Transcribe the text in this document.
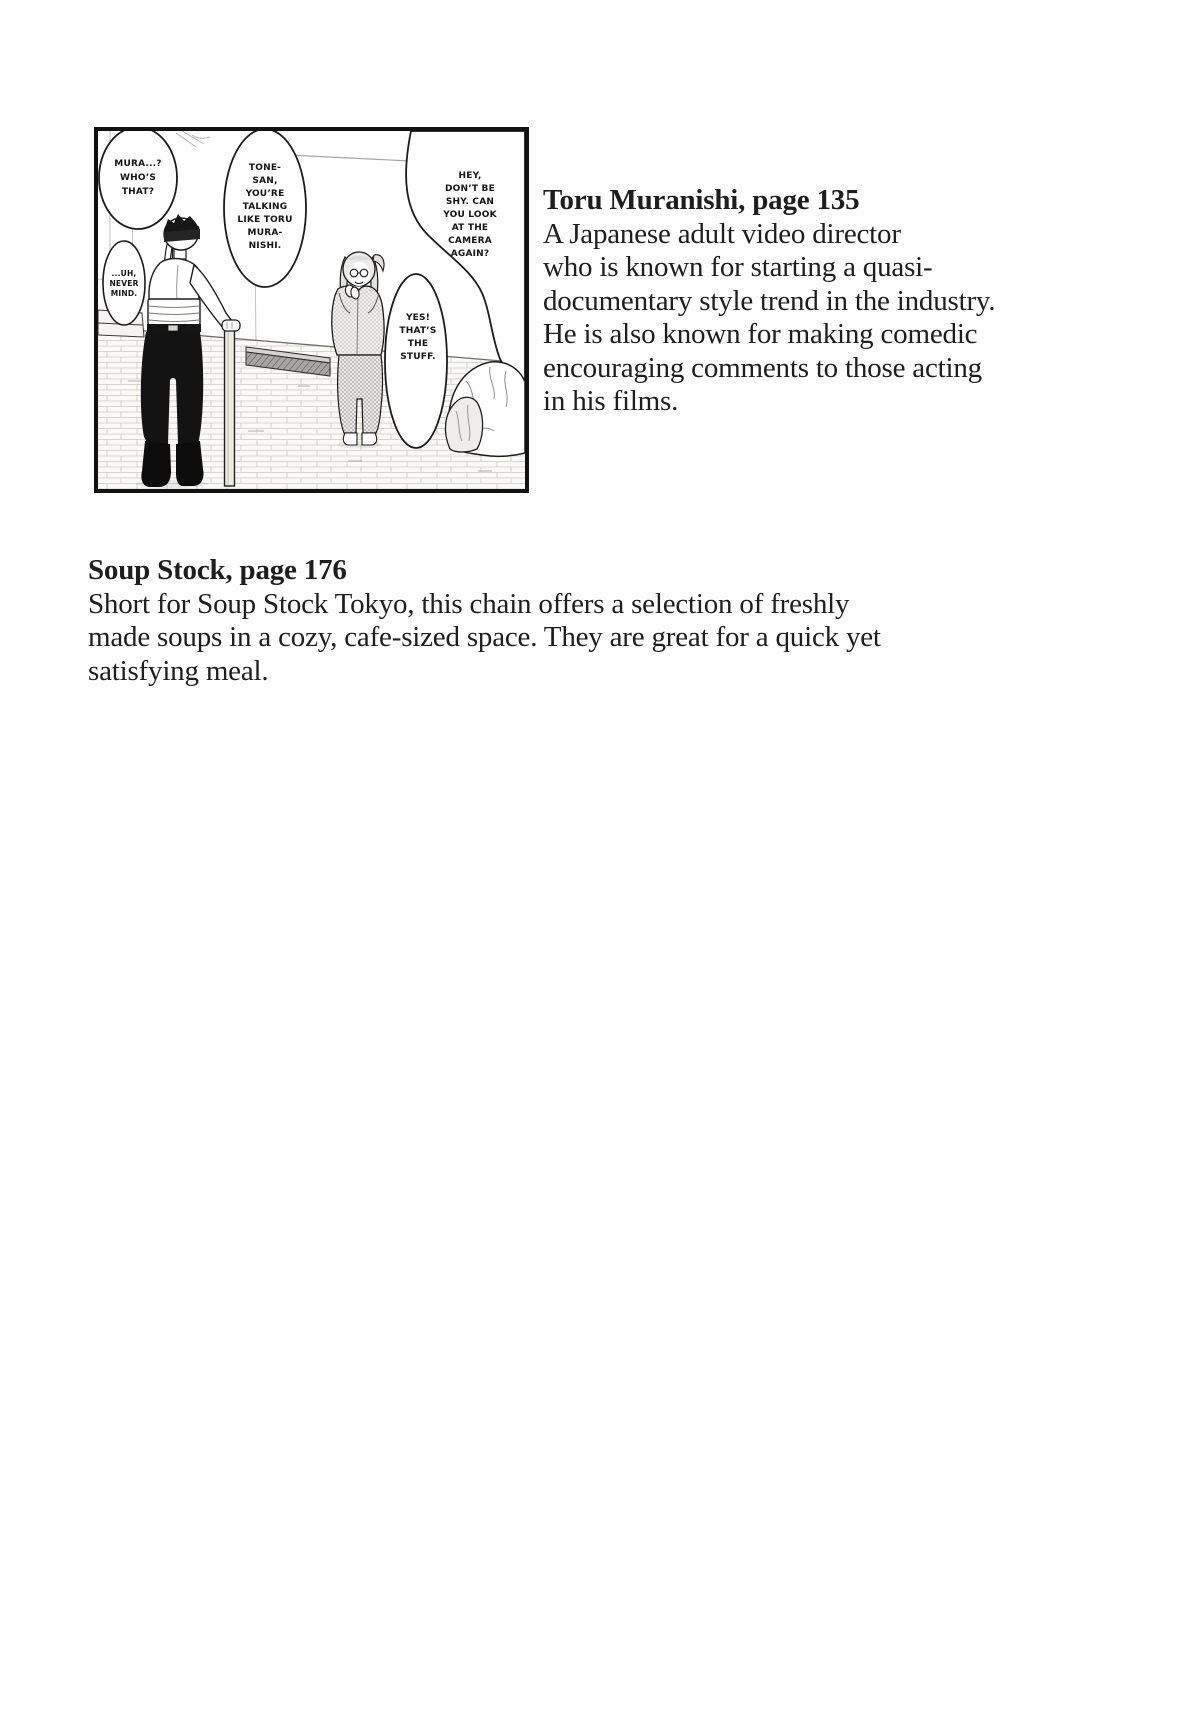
HEY,
DON’T BE
SHY. CAN
YOU LOOK
AT THE
CAMERA
AGAIN?
YES!
THAT’S
THE
STUFF.
MURA...?
WHO’S
THAT?
...UH,
NEVER
MIND.
TONE-
SAN,
YOU’RE
TALKING
LIKE TORU
MURA-
NISHI.
Toru Muranishi, page 135
A Japanese adult video director
who is known for starting a quasi-
documentary style trend in the industry.
He is also known for making comedic
encouraging comments to those acting
in his films.
Soup Stock, page 176
Short for Soup Stock Tokyo, this chain offers a selection of freshly
made soups in a cozy, cafe-sized space. They are great for a quick yet
satisfying meal.
